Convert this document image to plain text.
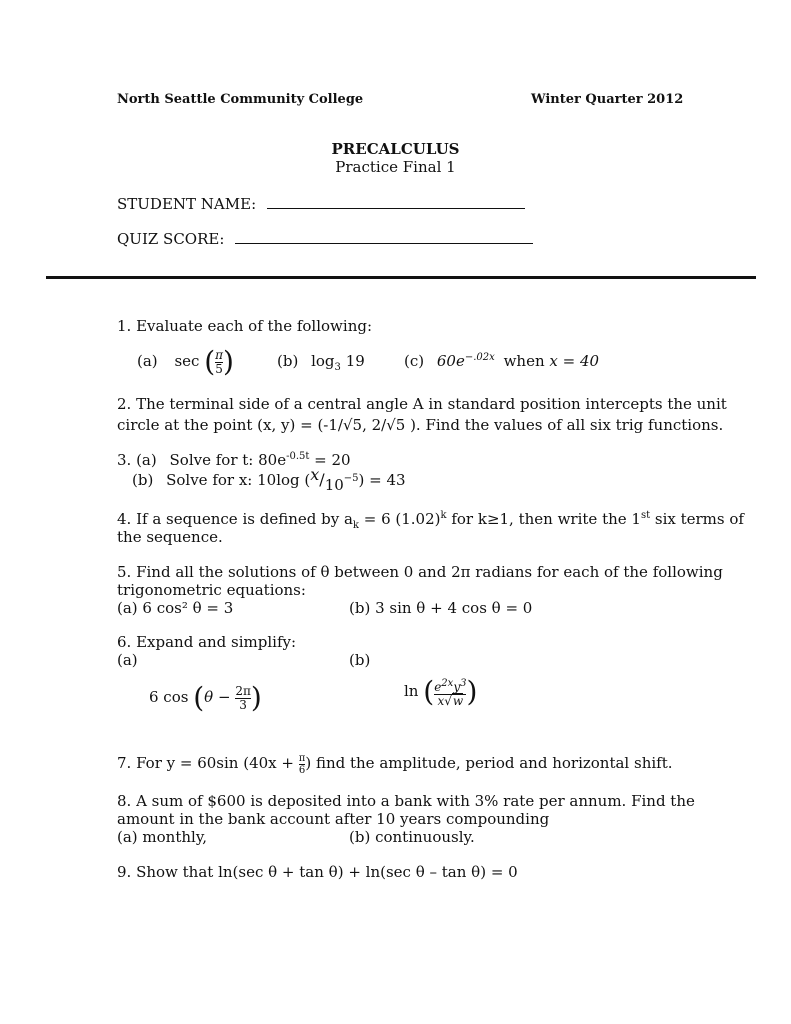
North Seattle Community College	Winter Quarter 2012
PRECALCULUS
Practice Final 1
STUDENT NAME:
QUIZ SCORE:
1. Evaluate each of the following:
(a) sec ( $\frac{\pi}{5}$ )	(b) $\log_3 19$	(c) $60e^{-.02x}$ when x = 40
2. The terminal side of a central angle A in standard position intercepts the unit
circle at the point (x, y) = (-1/√5, 2/√5 ). Find the values of all six trig functions.
3. (a) Solve for t: $80e^{-0.5t} = 20$
(b) Solve for x: 10log $(x/10^{-5}) = 43$
4. If a sequence is defined by $a_k = 6$ $(1.02)^k$ for k≥1, then write the 1st six terms of
the sequence.
5. Find all the solutions of θ between 0 and 2π radians for each of the following
trigonometric equations:
(a) 6 cos² θ = 3	(b) 3 sin θ + 4 cos θ = 0
6. Expand and simplify:
(a)	(b)
6 $\cos (\theta - \frac{2\pi}{3}$ )	ln ( $\frac{e^{2x}y^3}{x√w}$ )
7. For y = 60sin ($40x + \frac{\pi}{6}$ ) find the amplitude, period and horizontal shift.
8. A sum of $600 is deposited into a bank with 3% rate per annum. Find the
amount in the bank account after 10 years compounding
(a) monthly,	(b) continuously.
9. Show that ln(sec θ + tan θ) + ln(sec θ – tan θ) = 0
